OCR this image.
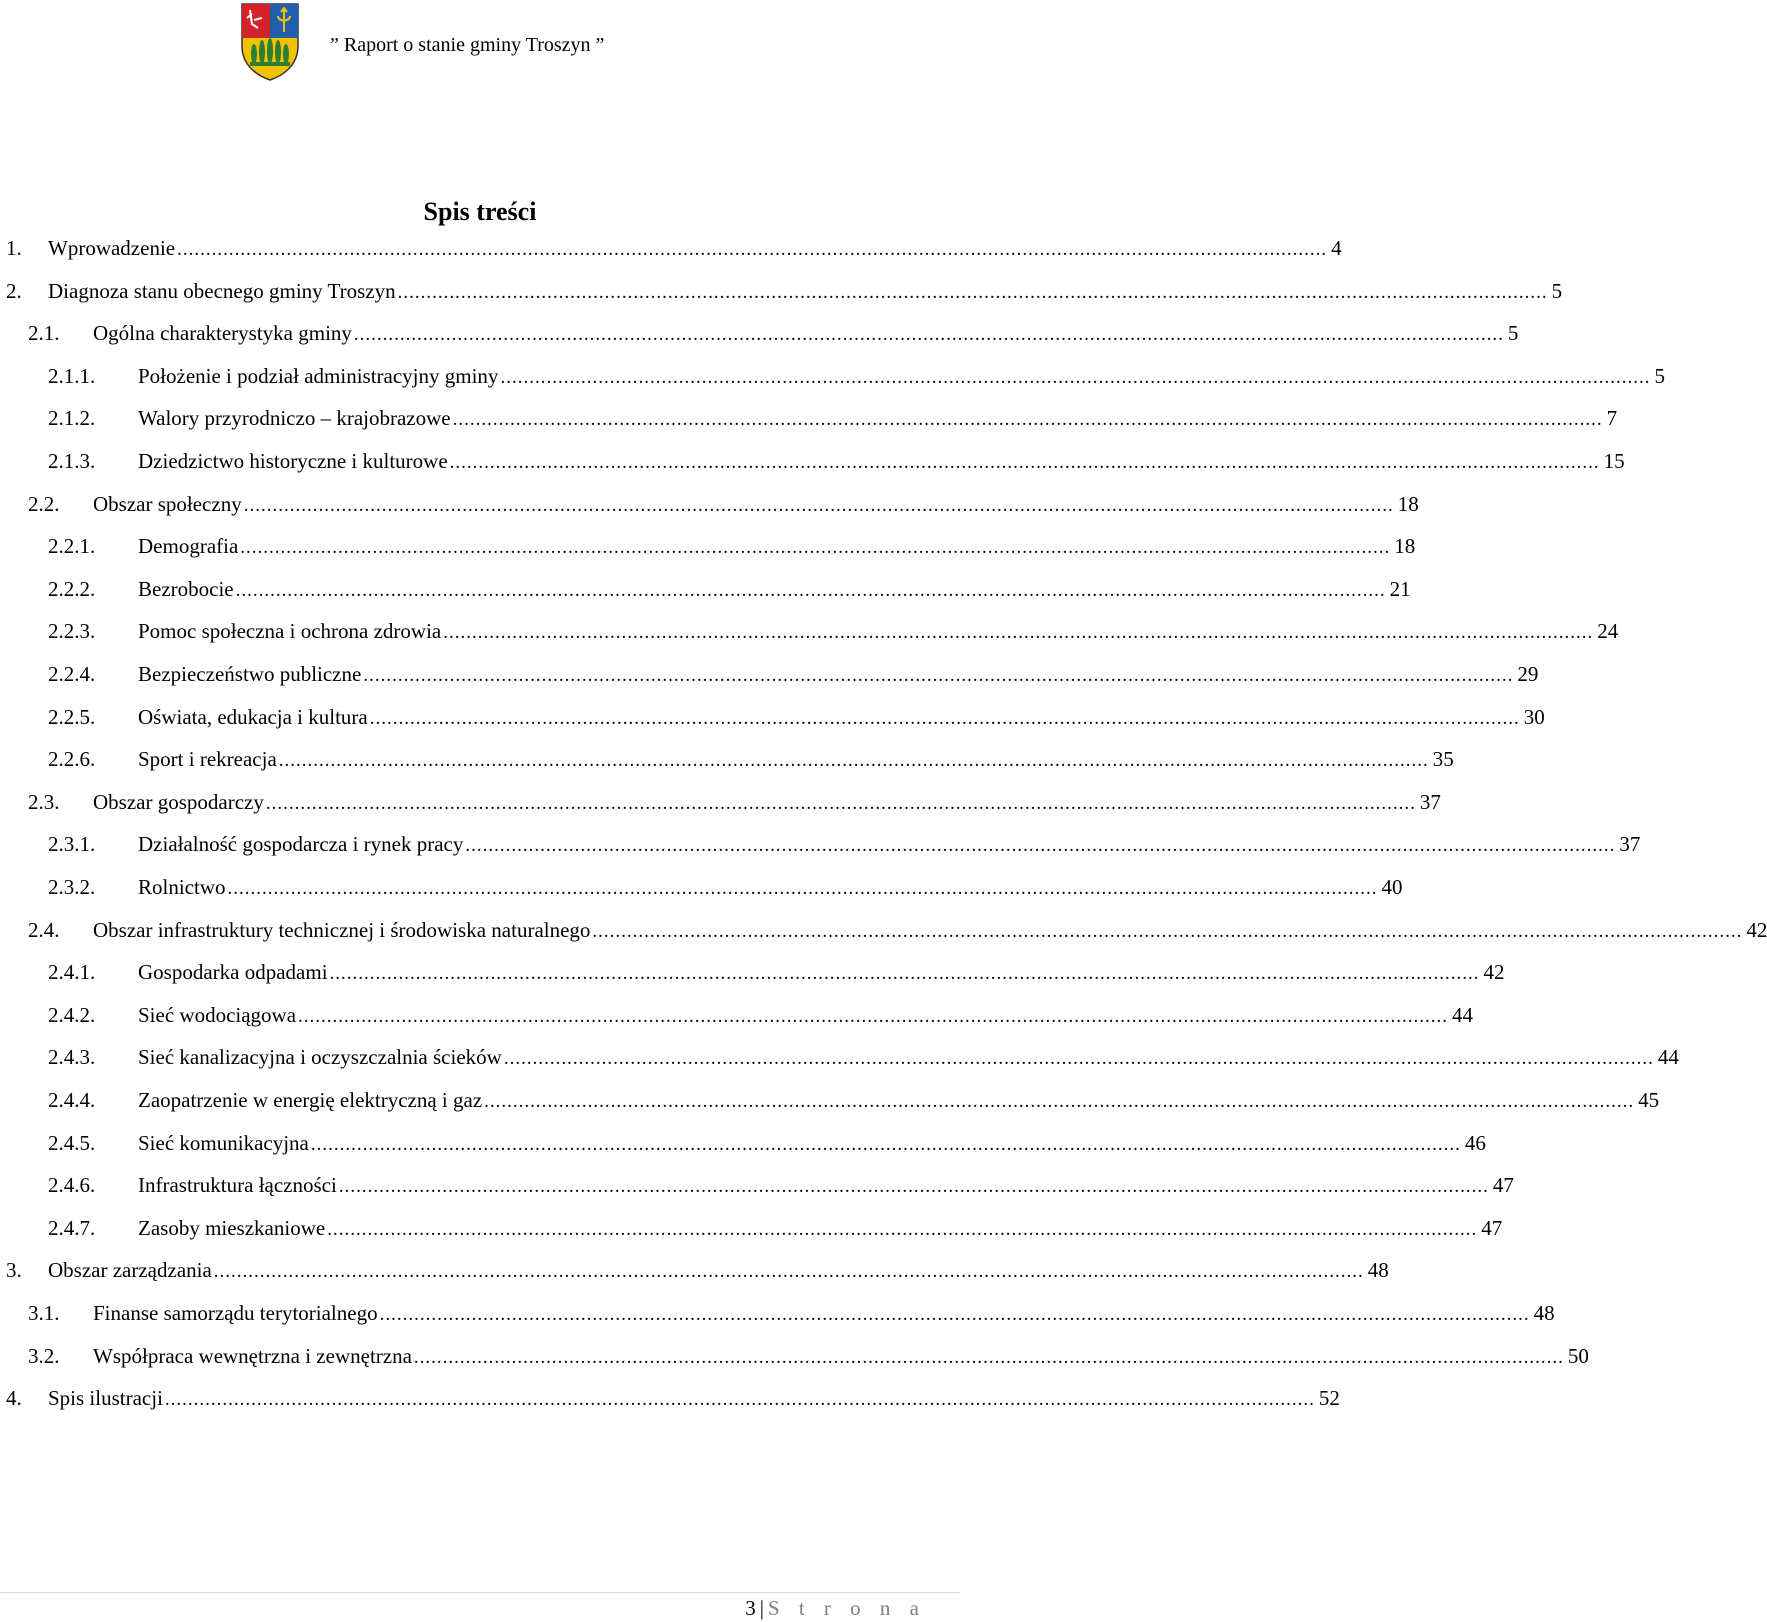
” Raport o stanie gminy Troszyn ”
Spis treści
1. Wprowadzenie ........................................................................................................................................................................................................ 4
2. Diagnoza stanu obecnego gminy Troszyn ........................................................................................................................................................................................................ 5
2.1. Ogólna charakterystyka gminy ........................................................................................................................................................................................................ 5
2.1.1. Położenie i podział administracyjny gminy ........................................................................................................................................................................................................ 5
2.1.2. Walory przyrodniczo – krajobrazowe ........................................................................................................................................................................................................ 7
2.1.3. Dziedzictwo historyczne i kulturowe ........................................................................................................................................................................................................ 15
2.2. Obszar społeczny ........................................................................................................................................................................................................ 18
2.2.1. Demografia ........................................................................................................................................................................................................ 18
2.2.2. Bezrobocie ........................................................................................................................................................................................................ 21
2.2.3. Pomoc społeczna i ochrona zdrowia ........................................................................................................................................................................................................ 24
2.2.4. Bezpieczeństwo publiczne ........................................................................................................................................................................................................ 29
2.2.5. Oświata, edukacja i kultura ........................................................................................................................................................................................................ 30
2.2.6. Sport i rekreacja ........................................................................................................................................................................................................ 35
2.3. Obszar gospodarczy ........................................................................................................................................................................................................ 37
2.3.1. Działalność gospodarcza i rynek pracy ........................................................................................................................................................................................................ 37
2.3.2. Rolnictwo ........................................................................................................................................................................................................ 40
2.4. Obszar infrastruktury technicznej i środowiska naturalnego ........................................................................................................................................................................................................ 42
2.4.1. Gospodarka odpadami ........................................................................................................................................................................................................ 42
2.4.2. Sieć wodociągowa ........................................................................................................................................................................................................ 44
2.4.3. Sieć kanalizacyjna i oczyszczalnia ścieków ........................................................................................................................................................................................................ 44
2.4.4. Zaopatrzenie w energię elektryczną i gaz ........................................................................................................................................................................................................ 45
2.4.5. Sieć komunikacyjna ........................................................................................................................................................................................................ 46
2.4.6. Infrastruktura łączności ........................................................................................................................................................................................................ 47
2.4.7. Zasoby mieszkaniowe ........................................................................................................................................................................................................ 47
3. Obszar zarządzania ........................................................................................................................................................................................................ 48
3.1. Finanse samorządu terytorialnego ........................................................................................................................................................................................................ 48
3.2. Współpraca wewnętrzna i zewnętrzna ........................................................................................................................................................................................................ 50
4. Spis ilustracji ........................................................................................................................................................................................................ 52
3 | S t r o n a
